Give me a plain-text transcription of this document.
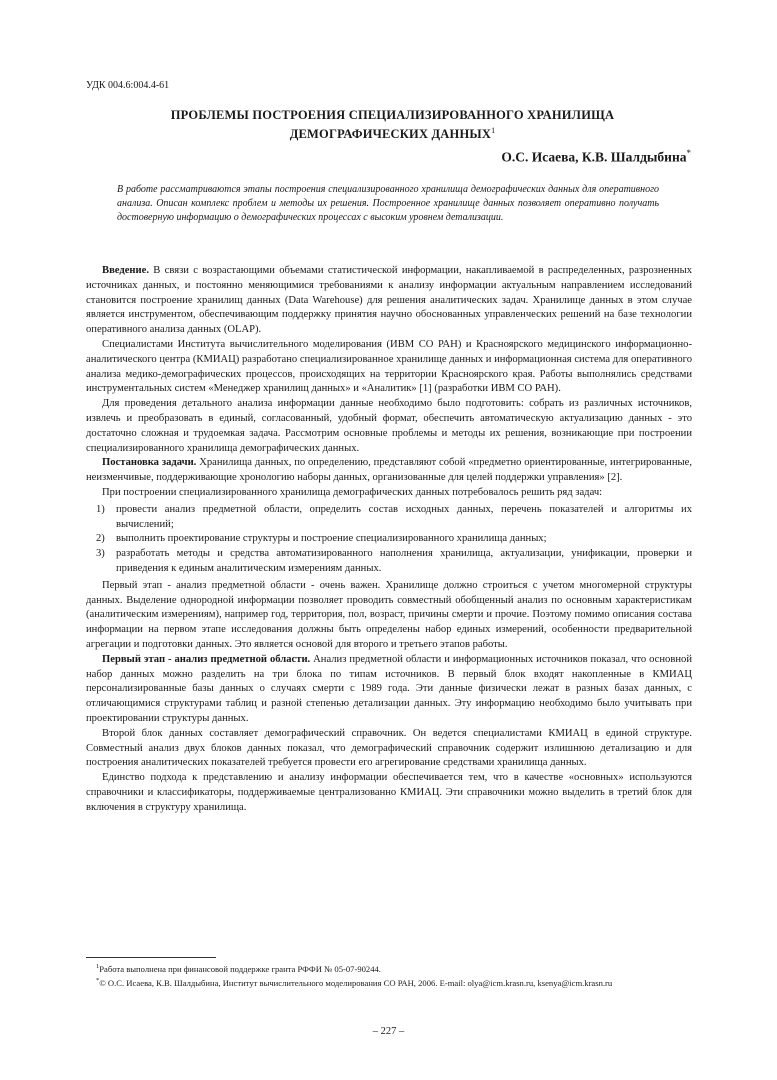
УДК 004.6:004.4-61
ПРОБЛЕМЫ ПОСТРОЕНИЯ СПЕЦИАЛИЗИРОВАННОГО ХРАНИЛИЩА
ДЕМОГРАФИЧЕСКИХ ДАННЫХ$^1$
О.С. Исаева, К.В. Шалдыбина*
В работе рассматриваются этапы построения специализированного хранилища демографических данных для оперативного анализа. Описан комплекс проблем и методы их решения. Построенное хранилище данных позволяет оперативно получать достоверную информацию о демографических процессах с высоким уровнем детализации.

Введение. В связи с возрастающими объемами статистической информации, накапливаемой в распределенных, разрозненных источниках данных, и постоянно меняющимися требованиями к анализу информации актуальным направлением исследований становится построение хранилищ данных (Data Warehouse) для решения аналитических задач. Хранилище данных в этом случае является инструментом, обеспечивающим поддержку принятия научно обоснованных управленческих решений на базе технологии оперативного анализа данных (OLAP).

Специалистами Института вычислительного моделирования (ИВМ СО РАН) и Красноярского медицинского информационно-аналитического центра (КМИАЦ) разработано специализированное хранилище данных и информационная система для оперативного анализа медико-демографических процессов, происходящих на территории Красноярского края. Работы выполнялись средствами инструментальных систем «Менеджер хранилищ данных» и «Аналитик» [1] (разработки ИВМ СО РАН).

Для проведения детального анализа информации данные необходимо было подготовить: собрать из различных источников, извлечь и преобразовать в единый, согласованный, удобный формат, обеспечить автоматическую актуализацию данных - это достаточно сложная и трудоемкая задача. Рассмотрим основные проблемы и методы их решения, возникающие при построении специализированного хранилища демографических данных.

Постановка задачи. Хранилища данных, по определению, представляют собой «предметно ориентированные, интегрированные, неизменчивые, поддерживающие хронологию наборы данных, организованные для целей поддержки управления» [2].

При построении специализированного хранилища демографических данных потребовалось решить ряд задач:

1) провести анализ предметной области, определить состав исходных данных, перечень показателей и алгоритмы их вычислений;
2) выполнить проектирование структуры и построение специализированного хранилища данных;
3) разработать методы и средства автоматизированного наполнения хранилища, актуализации, унификации, проверки и приведения к единым аналитическим измерениям данных.

Первый этап - анализ предметной области - очень важен. Хранилище должно строиться с учетом многомерной структуры данных. Выделение однородной информации позволяет проводить совместный обобщенный анализ по основным характеристикам (аналитическим измерениям), например год, территория, пол, возраст, причины смерти и прочие. Поэтому помимо описания состава информации на первом этапе исследования должны быть определены набор единых измерений, особенности предварительной агрегации и подготовки данных. Это является основой для второго и третьего этапов работы.

Первый этап - анализ предметной области. Анализ предметной области и информационных источников показал, что основной набор данных можно разделить на три блока по типам источников. В первый блок входят накопленные в КМИАЦ персонализированные базы данных о случаях смерти с 1989 года. Эти данные физически лежат в разных базах данных, с отличающимися структурами таблиц и разной степенью детализации данных. Эту информацию необходимо было учитывать при проектировании структуры данных.

Второй блок данных составляет демографический справочник. Он ведется специалистами КМИАЦ в единой структуре. Совместный анализ двух блоков данных показал, что демографический справочник содержит излишнюю детализацию и для построения аналитических показателей требуется провести его агрегирование средствами хранилища данных.

Единство подхода к представлению и анализу информации обеспечивается тем, что в качестве «основных» используются справочники и классификаторы, поддерживаемые централизованно КМИАЦ. Эти справочники можно выделить в третий блок для включения в структуру хранилища.

$^1$Работа выполнена при финансовой поддержке гранта РФФИ № 05-07-90244.

*© О.С. Исаева, К.В. Шалдыбина, Институт вычислительного моделирования СО РАН, 2006. E-mail: olya@icm.krasn.ru, ksenya@icm.krasn.ru

– 227 –
